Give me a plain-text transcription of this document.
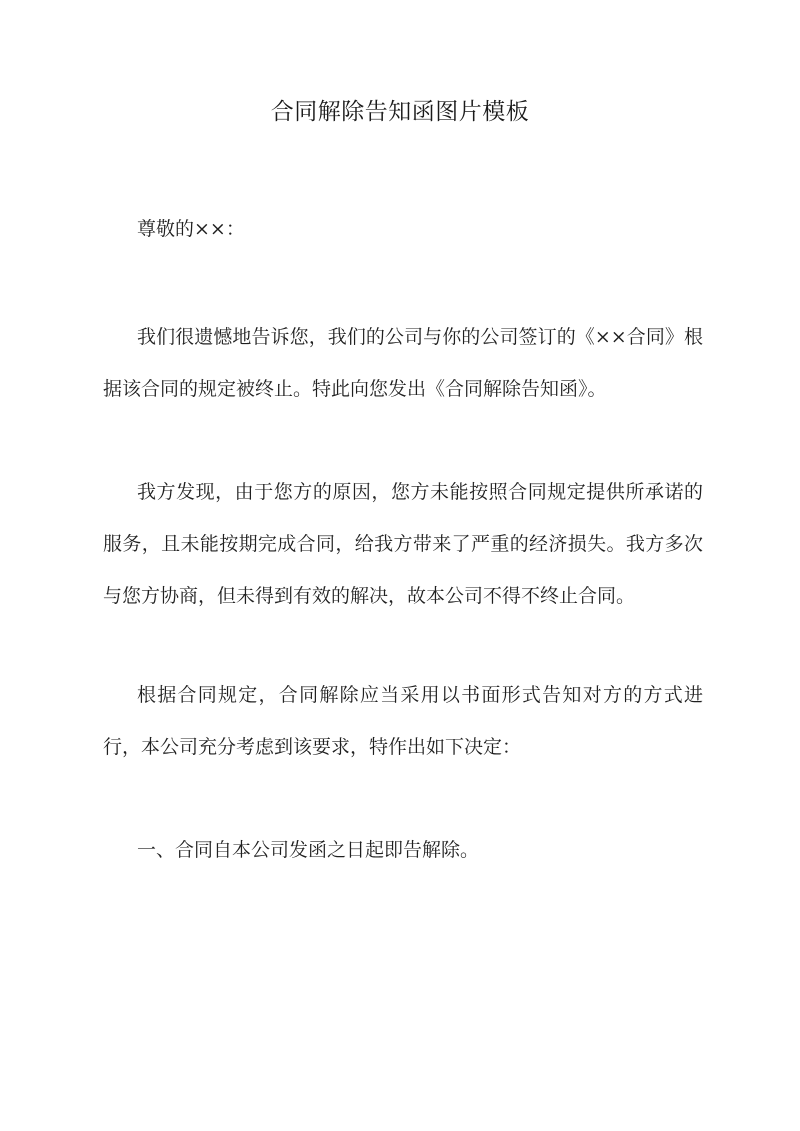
合同解除告知函图片模板
尊敬的××：

我们很遗憾地告诉您，我们的公司与你的公司签订的《××合同》根据该合同的规定被终止。特此向您发出《合同解除告知函》。

我方发现，由于您方的原因，您方未能按照合同规定提供所承诺的服务，且未能按期完成合同，给我方带来了严重的经济损失。我方多次与您方协商，但未得到有效的解决，故本公司不得不终止合同。

根据合同规定，合同解除应当采用以书面形式告知对方的方式进行，本公司充分考虑到该要求，特作出如下决定：

一、合同自本公司发函之日起即告解除。
